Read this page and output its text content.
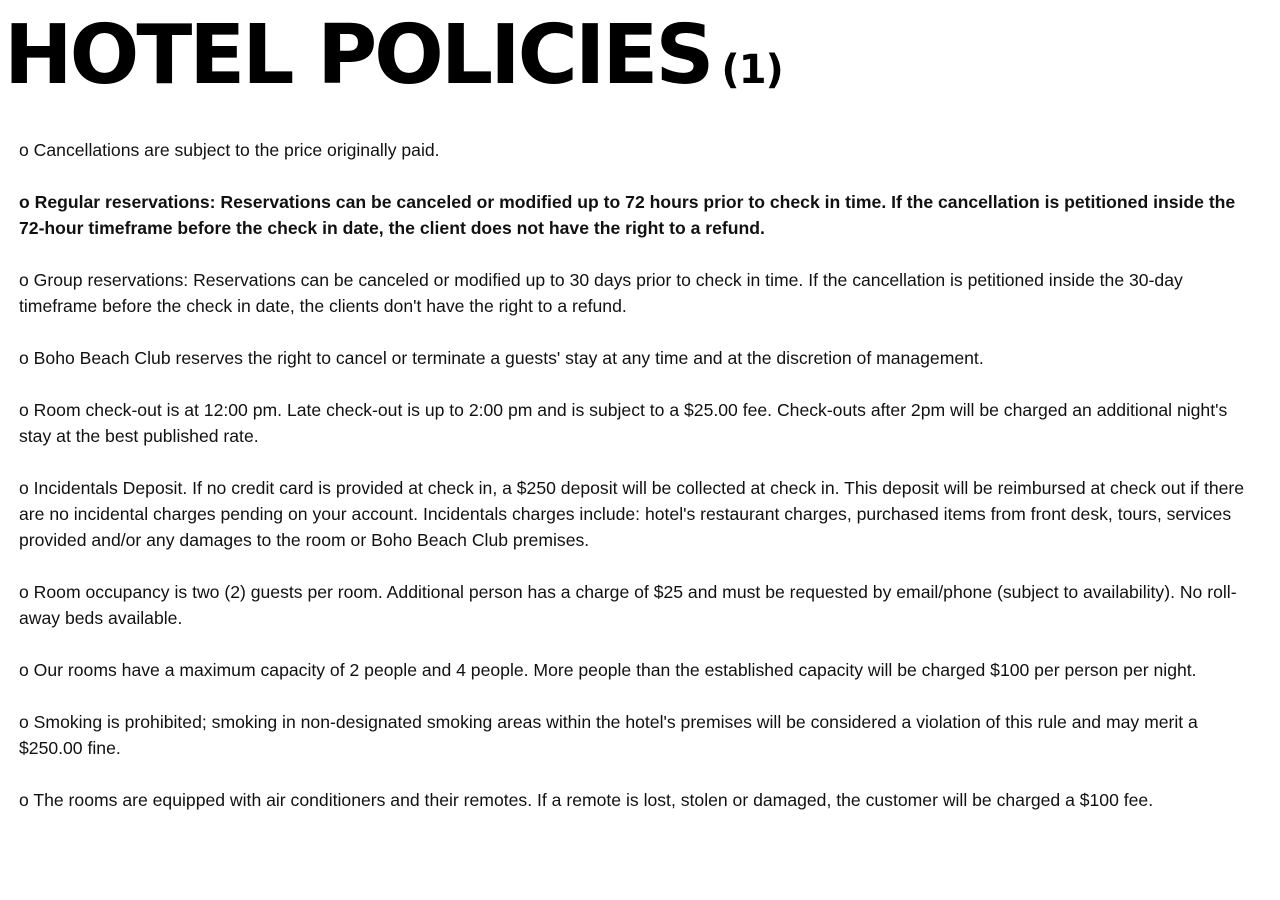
HOTEL POLICIES (1)
o Cancellations are subject to the price originally paid.
o Regular reservations: Reservations can be canceled or modified up to 72 hours prior to check in time. If the cancellation is petitioned inside the 72-hour timeframe before the check in date, the client does not have the right to a refund.
o Group reservations: Reservations can be canceled or modified up to 30 days prior to check in time. If the cancellation is petitioned inside the 30-day timeframe before the check in date, the clients don't have the right to a refund.
o Boho Beach Club reserves the right to cancel or terminate a guests' stay at any time and at the discretion of management.
o Room check-out is at 12:00 pm. Late check-out is up to 2:00 pm and is subject to a $25.00 fee. Check-outs after 2pm will be charged an additional night's stay at the best published rate.
o Incidentals Deposit. If no credit card is provided at check in, a $250 deposit will be collected at check in. This deposit will be reimbursed at check out if there are no incidental charges pending on your account. Incidentals charges include: hotel's restaurant charges, purchased items from front desk, tours, services provided and/or any damages to the room or Boho Beach Club premises.
o Room occupancy is two (2) guests per room. Additional person has a charge of $25 and must be requested by email/phone (subject to availability). No roll-away beds available.
o Our rooms have a maximum capacity of 2 people and 4 people. More people than the established capacity will be charged $100 per person per night.
o Smoking is prohibited; smoking in non-designated smoking areas within the hotel's premises will be considered a violation of this rule and may merit a $250.00 fine.
o The rooms are equipped with air conditioners and their remotes. If a remote is lost, stolen or damaged, the customer will be charged a $100 fee.
